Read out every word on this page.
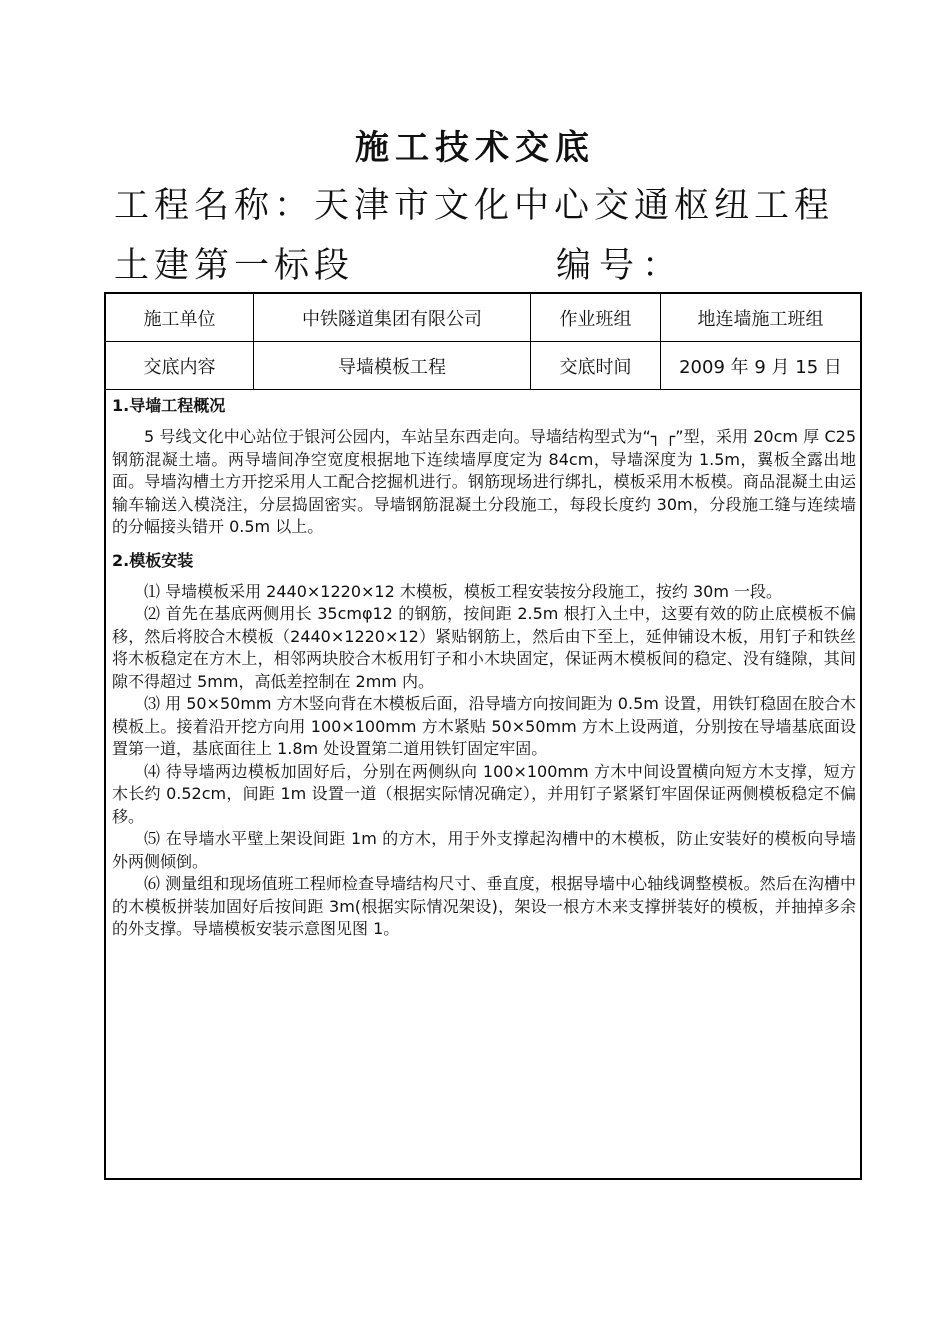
施工技术交底
工程名称：天津市文化中心交通枢纽工程
土建第一标段	编号：
施工单位	中铁隧道集团有限公司	作业班组	地连墙施工班组
交底内容	导墙模板工程	交底时间	2009 年 9 月 15 日

1.导墙工程概况

5 号线文化中心站位于银河公园内，车站呈东西走向。导墙结构型式为“┐ ┌”型，采用 20cm 厚 C25 钢筋混凝土墙。两导墙间净空宽度根据地下连续墙厚度定为 84cm，导墙深度为 1.5m，翼板全露出地面。导墙沟槽土方开挖采用人工配合挖掘机进行。钢筋现场进行绑扎，模板采用木板模。商品混凝土由运输车输送入模浇注，分层捣固密实。导墙钢筋混凝土分段施工，每段长度约 30m，分段施工缝与连续墙的分幅接头错开 0.5m 以上。

2.模板安装

⑴ 导墙模板采用 2440×1220×12 木模板，模板工程安装按分段施工，按约 30m 一段。

⑵ 首先在基底两侧用长 35cmφ12 的钢筋，按间距 2.5m 根打入土中，这要有效的防止底模板不偏移，然后将胶合木模板（2440×1220×12）紧贴钢筋上，然后由下至上，延伸铺设木板，用钉子和铁丝将木板稳定在方木上，相邻两块胶合木板用钉子和小木块固定，保证两木模板间的稳定、没有缝隙，其间隙不得超过 5mm，高低差控制在 2mm 内。

⑶ 用 50×50mm 方木竖向背在木模板后面，沿导墙方向按间距为 0.5m 设置，用铁钉稳固在胶合木模板上。接着沿开挖方向用 100×100mm 方木紧贴 50×50mm 方木上设两道，分别按在导墙基底面设置第一道，基底面往上 1.8m 处设置第二道用铁钉固定牢固。

⑷ 待导墙两边模板加固好后，分别在两侧纵向 100×100mm 方木中间设置横向短方木支撑，短方木长约 0.52cm，间距 1m 设置一道（根据实际情况确定），并用钉子紧紧钉牢固保证两侧模板稳定不偏移。

⑸ 在导墙水平壁上架设间距 1m 的方木，用于外支撑起沟槽中的木模板，防止安装好的模板向导墙外两侧倾倒。

⑹ 测量组和现场值班工程师检查导墙结构尺寸、垂直度，根据导墙中心轴线调整模板。然后在沟槽中的木模板拼装加固好后按间距 3m(根据实际情况架设)，架设一根方木来支撑拼装好的模板，并抽掉多余的外支撑。导墙模板安装示意图见图 1。
